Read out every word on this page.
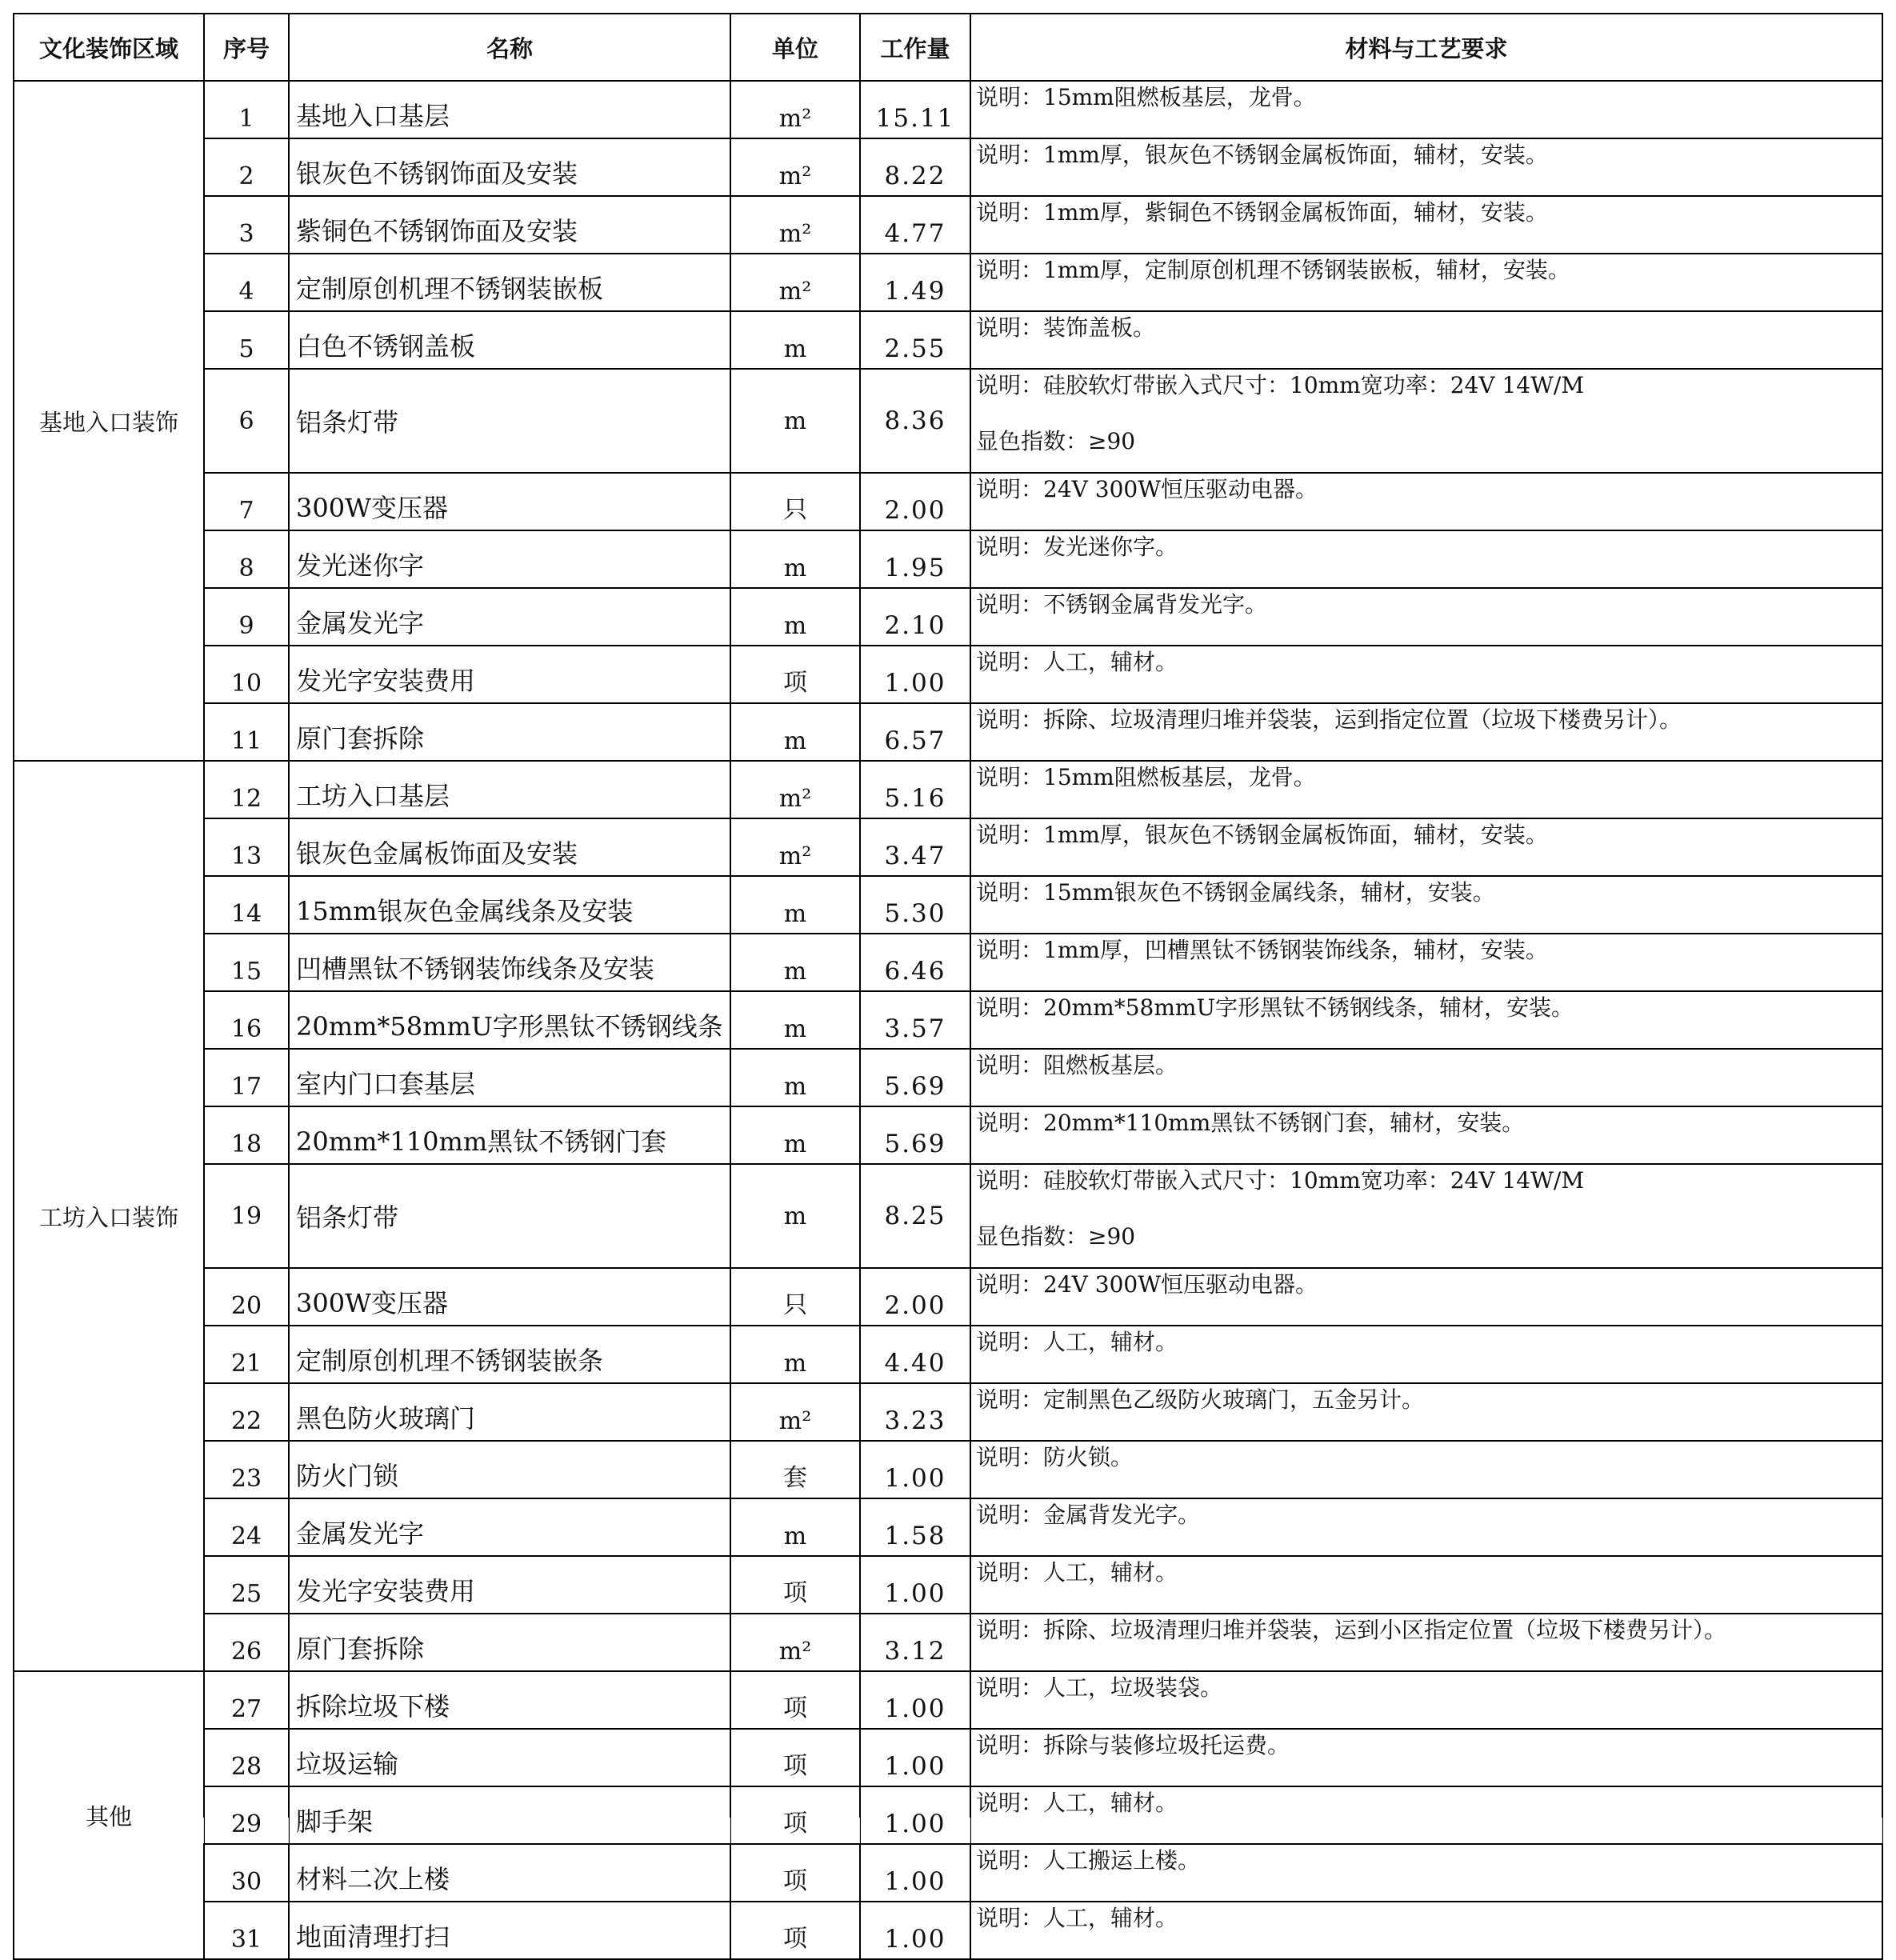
文化装饰区域	序号	名称	单位	工作量	材料与工艺要求
基地入口装饰	1	基地入口基层	m²	15.11	说明：15mm阻燃板基层，龙骨。

	2	银灰色不锈钢饰面及安装	m²	8.22	说明：1mm厚，银灰色不锈钢金属板饰面，辅材，安装。

	3	紫铜色不锈钢饰面及安装	m²	4.77	说明：1mm厚，紫铜色不锈钢金属板饰面，辅材，安装。

	4	定制原创机理不锈钢装嵌板	m²	1.49	说明：1mm厚，定制原创机理不锈钢装嵌板，辅材，安装。

	5	白色不锈钢盖板	m	2.55	说明：装饰盖板。

	6	铝条灯带	m	8.36	说明：硅胶软灯带嵌入式尺寸：10mm宽功率：24V 14W/M
显色指数：≥90

	7	300W变压器	只	2.00	说明：24V 300W恒压驱动电器。

	8	发光迷你字	m	1.95	说明：发光迷你字。

	9	金属发光字	m	2.10	说明：不锈钢金属背发光字。

	10	发光字安装费用	项	1.00	说明：人工，辅材。

	11	原门套拆除	m	6.57	说明：拆除、垃圾清理归堆并袋装，运到指定位置（垃圾下楼费另计）。

工坊入口装饰	12	工坊入口基层	m²	5.16	说明：15mm阻燃板基层，龙骨。

	13	银灰色金属板饰面及安装	m²	3.47	说明：1mm厚，银灰色不锈钢金属板饰面，辅材，安装。

	14	15mm银灰色金属线条及安装	m	5.30	说明：15mm银灰色不锈钢金属线条，辅材，安装。

	15	凹槽黑钛不锈钢装饰线条及安装	m	6.46	说明：1mm厚，凹槽黑钛不锈钢装饰线条，辅材，安装。

	16	20mm*58mmU字形黑钛不锈钢线条	m	3.57	说明：20mm*58mmU字形黑钛不锈钢线条，辅材，安装。

	17	室内门口套基层	m	5.69	说明：阻燃板基层。

	18	20mm*110mm黑钛不锈钢门套	m	5.69	说明：20mm*110mm黑钛不锈钢门套，辅材，安装。

	19	铝条灯带	m	8.25	说明：硅胶软灯带嵌入式尺寸：10mm宽功率：24V 14W/M
显色指数：≥90

	20	300W变压器	只	2.00	说明：24V 300W恒压驱动电器。

	21	定制原创机理不锈钢装嵌条	m	4.40	说明：人工，辅材。

	22	黑色防火玻璃门	m²	3.23	说明：定制黑色乙级防火玻璃门，五金另计。

	23	防火门锁	套	1.00	说明：防火锁。

	24	金属发光字	m	1.58	说明：金属背发光字。

	25	发光字安装费用	项	1.00	说明：人工，辅材。

	26	原门套拆除	m²	3.12	说明：拆除、垃圾清理归堆并袋装，运到小区指定位置（垃圾下楼费另计）。

其他	27	拆除垃圾下楼	项	1.00	说明：人工，垃圾装袋。

	28	垃圾运输	项	1.00	说明：拆除与装修垃圾托运费。

	29	脚手架	项	1.00	说明：人工，辅材。

	30	材料二次上楼	项	1.00	说明：人工搬运上楼。

	31	地面清理打扫	项	1.00	说明：人工，辅材。
